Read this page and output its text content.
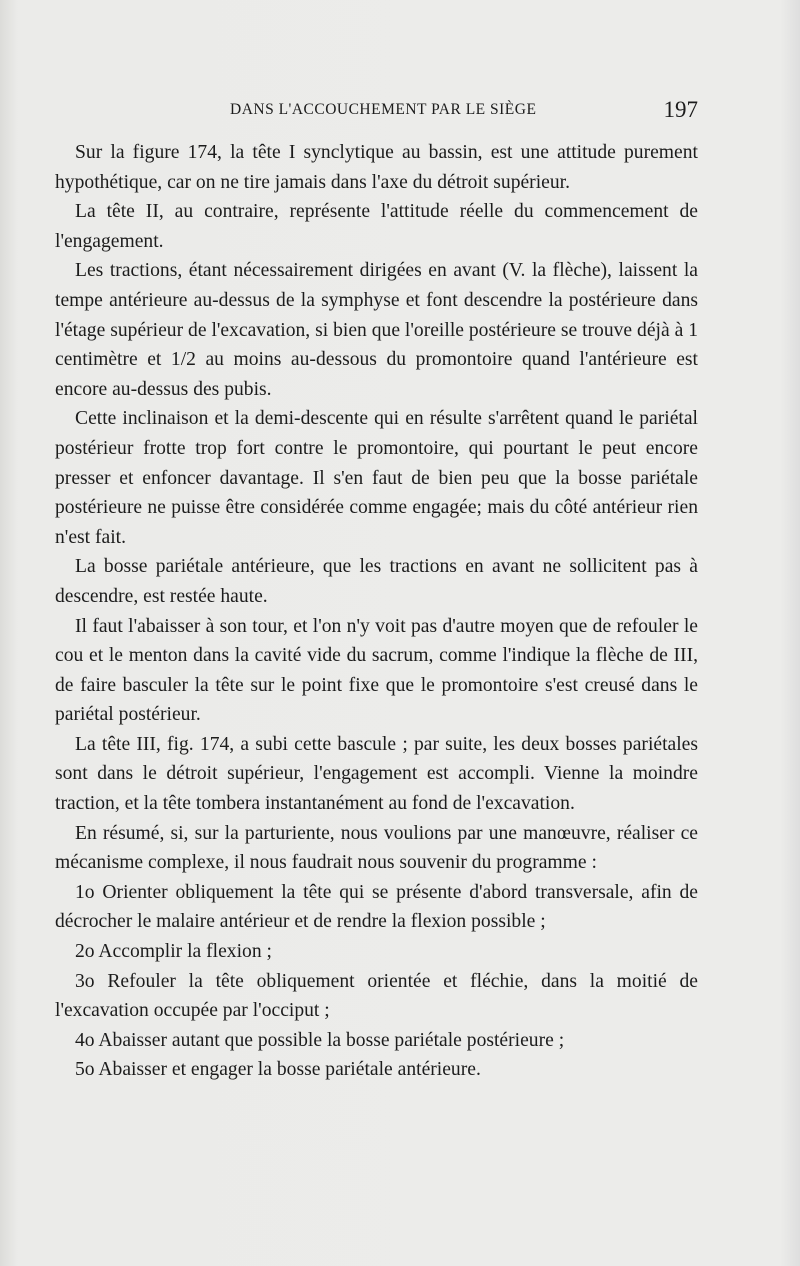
DANS L'ACCOUCHEMENT PAR LE SIÈGE	197

Sur la figure 174, la tête I synclytique au bassin, est une attitude purement hypothétique, car on ne tire jamais dans l'axe du détroit supérieur.

La tête II, au contraire, représente l'attitude réelle du commencement de l'engagement.

Les tractions, étant nécessairement dirigées en avant (V. la flèche), laissent la tempe antérieure au-dessus de la symphyse et font descendre la postérieure dans l'étage supérieur de l'excavation, si bien que l'oreille postérieure se trouve déjà à 1 centimètre et 1/2 au moins au-dessous du promontoire quand l'antérieure est encore au-dessus des pubis.

Cette inclinaison et la demi-descente qui en résulte s'arrêtent quand le pariétal postérieur frotte trop fort contre le promontoire, qui pourtant le peut encore presser et enfoncer davantage. Il s'en faut de bien peu que la bosse pariétale postérieure ne puisse être considérée comme engagée; mais du côté antérieur rien n'est fait.

La bosse pariétale antérieure, que les tractions en avant ne sollicitent pas à descendre, est restée haute.

Il faut l'abaisser à son tour, et l'on n'y voit pas d'autre moyen que de refouler le cou et le menton dans la cavité vide du sacrum, comme l'indique la flèche de III, de faire basculer la tête sur le point fixe que le promontoire s'est creusé dans le pariétal postérieur.

La tête III, fig. 174, a subi cette bascule ; par suite, les deux bosses pariétales sont dans le détroit supérieur, l'engagement est accompli. Vienne la moindre traction, et la tête tombera instantanément au fond de l'excavation.

En résumé, si, sur la parturiente, nous voulions par une manœuvre, réaliser ce mécanisme complexe, il nous faudrait nous souvenir du programme :

1o Orienter obliquement la tête qui se présente d'abord transversale, afin de décrocher le malaire antérieur et de rendre la flexion possible ;

2o Accomplir la flexion ;

3o Refouler la tête obliquement orientée et fléchie, dans la moitié de l'excavation occupée par l'occiput ;

4o Abaisser autant que possible la bosse pariétale postérieure ;

5o Abaisser et engager la bosse pariétale antérieure.
